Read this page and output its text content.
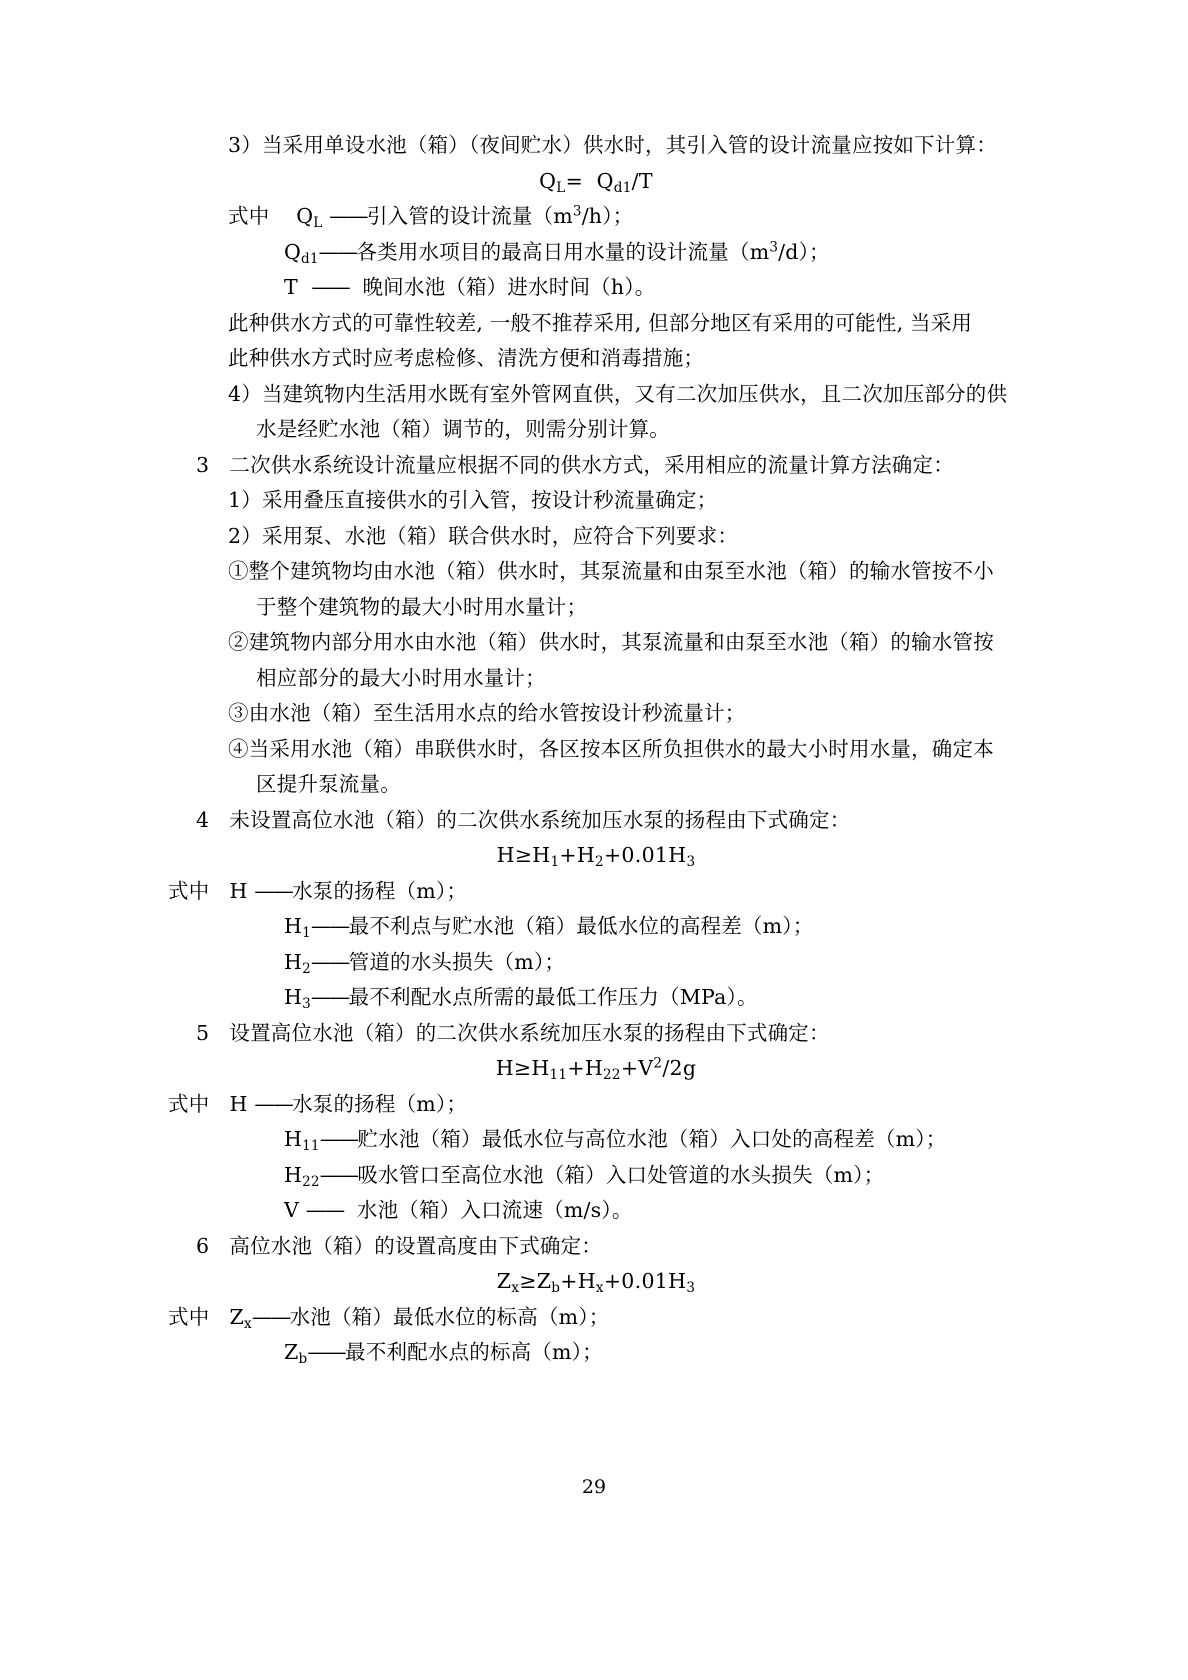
3）当采用单设水池（箱）（夜间贮水）供水时，其引入管的设计流量应按如下计算：

$Q_L= Q_{d1}/T$

式中    $Q_L$ ——引入管的设计流量$(m^3/h)$；

$Q_{d1}——$各类用水项目的最高日用水量的设计流量$(m^3/d)$；

T  ——  晚间水池（箱）进水时间（h）。

此种供水方式的可靠性较差, 一般不推荐采用, 但部分地区有采用的可能性, 当采用

此种供水方式时应考虑检修、清洗方便和消毒措施；

4）当建筑物内生活用水既有室外管网直供，又有二次加压供水，且二次加压部分的供

水是经贮水池（箱）调节的，则需分别计算。

3   二次供水系统设计流量应根据不同的供水方式，采用相应的流量计算方法确定：

1）采用叠压直接供水的引入管，按设计秒流量确定；

2）采用泵、水池（箱）联合供水时，应符合下列要求：

①整个建筑物均由水池（箱）供水时，其泵流量和由泵至水池（箱）的输水管按不小

于整个建筑物的最大小时用水量计；

②建筑物内部分用水由水池（箱）供水时，其泵流量和由泵至水池（箱）的输水管按

相应部分的最大小时用水量计；

③由水池（箱）至生活用水点的给水管按设计秒流量计；

④当采用水池（箱）串联供水时，各区按本区所负担供水的最大小时用水量，确定本

区提升泵流量。

4   未设置高位水池（箱）的二次供水系统加压水泵的扬程由下式确定：

$H\ge H_1+H_2+0.01H_3$

式中   H ——水泵的扬程（m）；

$H_1——$最不利点与贮水池（箱）最低水位的高程差（m）；

$H_2——$管道的水头损失（m）；

$H_3——$最不利配水点所需的最低工作压力（MPa）。

5   设置高位水池（箱）的二次供水系统加压水泵的扬程由下式确定：

$H\ge H_{11}+H_{22}+V^2/2g$

式中   H ——水泵的扬程（m）；

$H_{11}——$贮水池（箱）最低水位与高位水池（箱）入口处的高程差（m）；

$H_{22}——$吸水管口至高位水池（箱）入口处管道的水头损失（m）；

V ——  水池（箱）入口流速（m/s）。

6   高位水池（箱）的设置高度由下式确定：

$Z_x\ge Z_b+H_x+0.01H_3$

式中   $Z_x——$水池（箱）最低水位的标高（m）；

$Z_b——$最不利配水点的标高（m）；

29
